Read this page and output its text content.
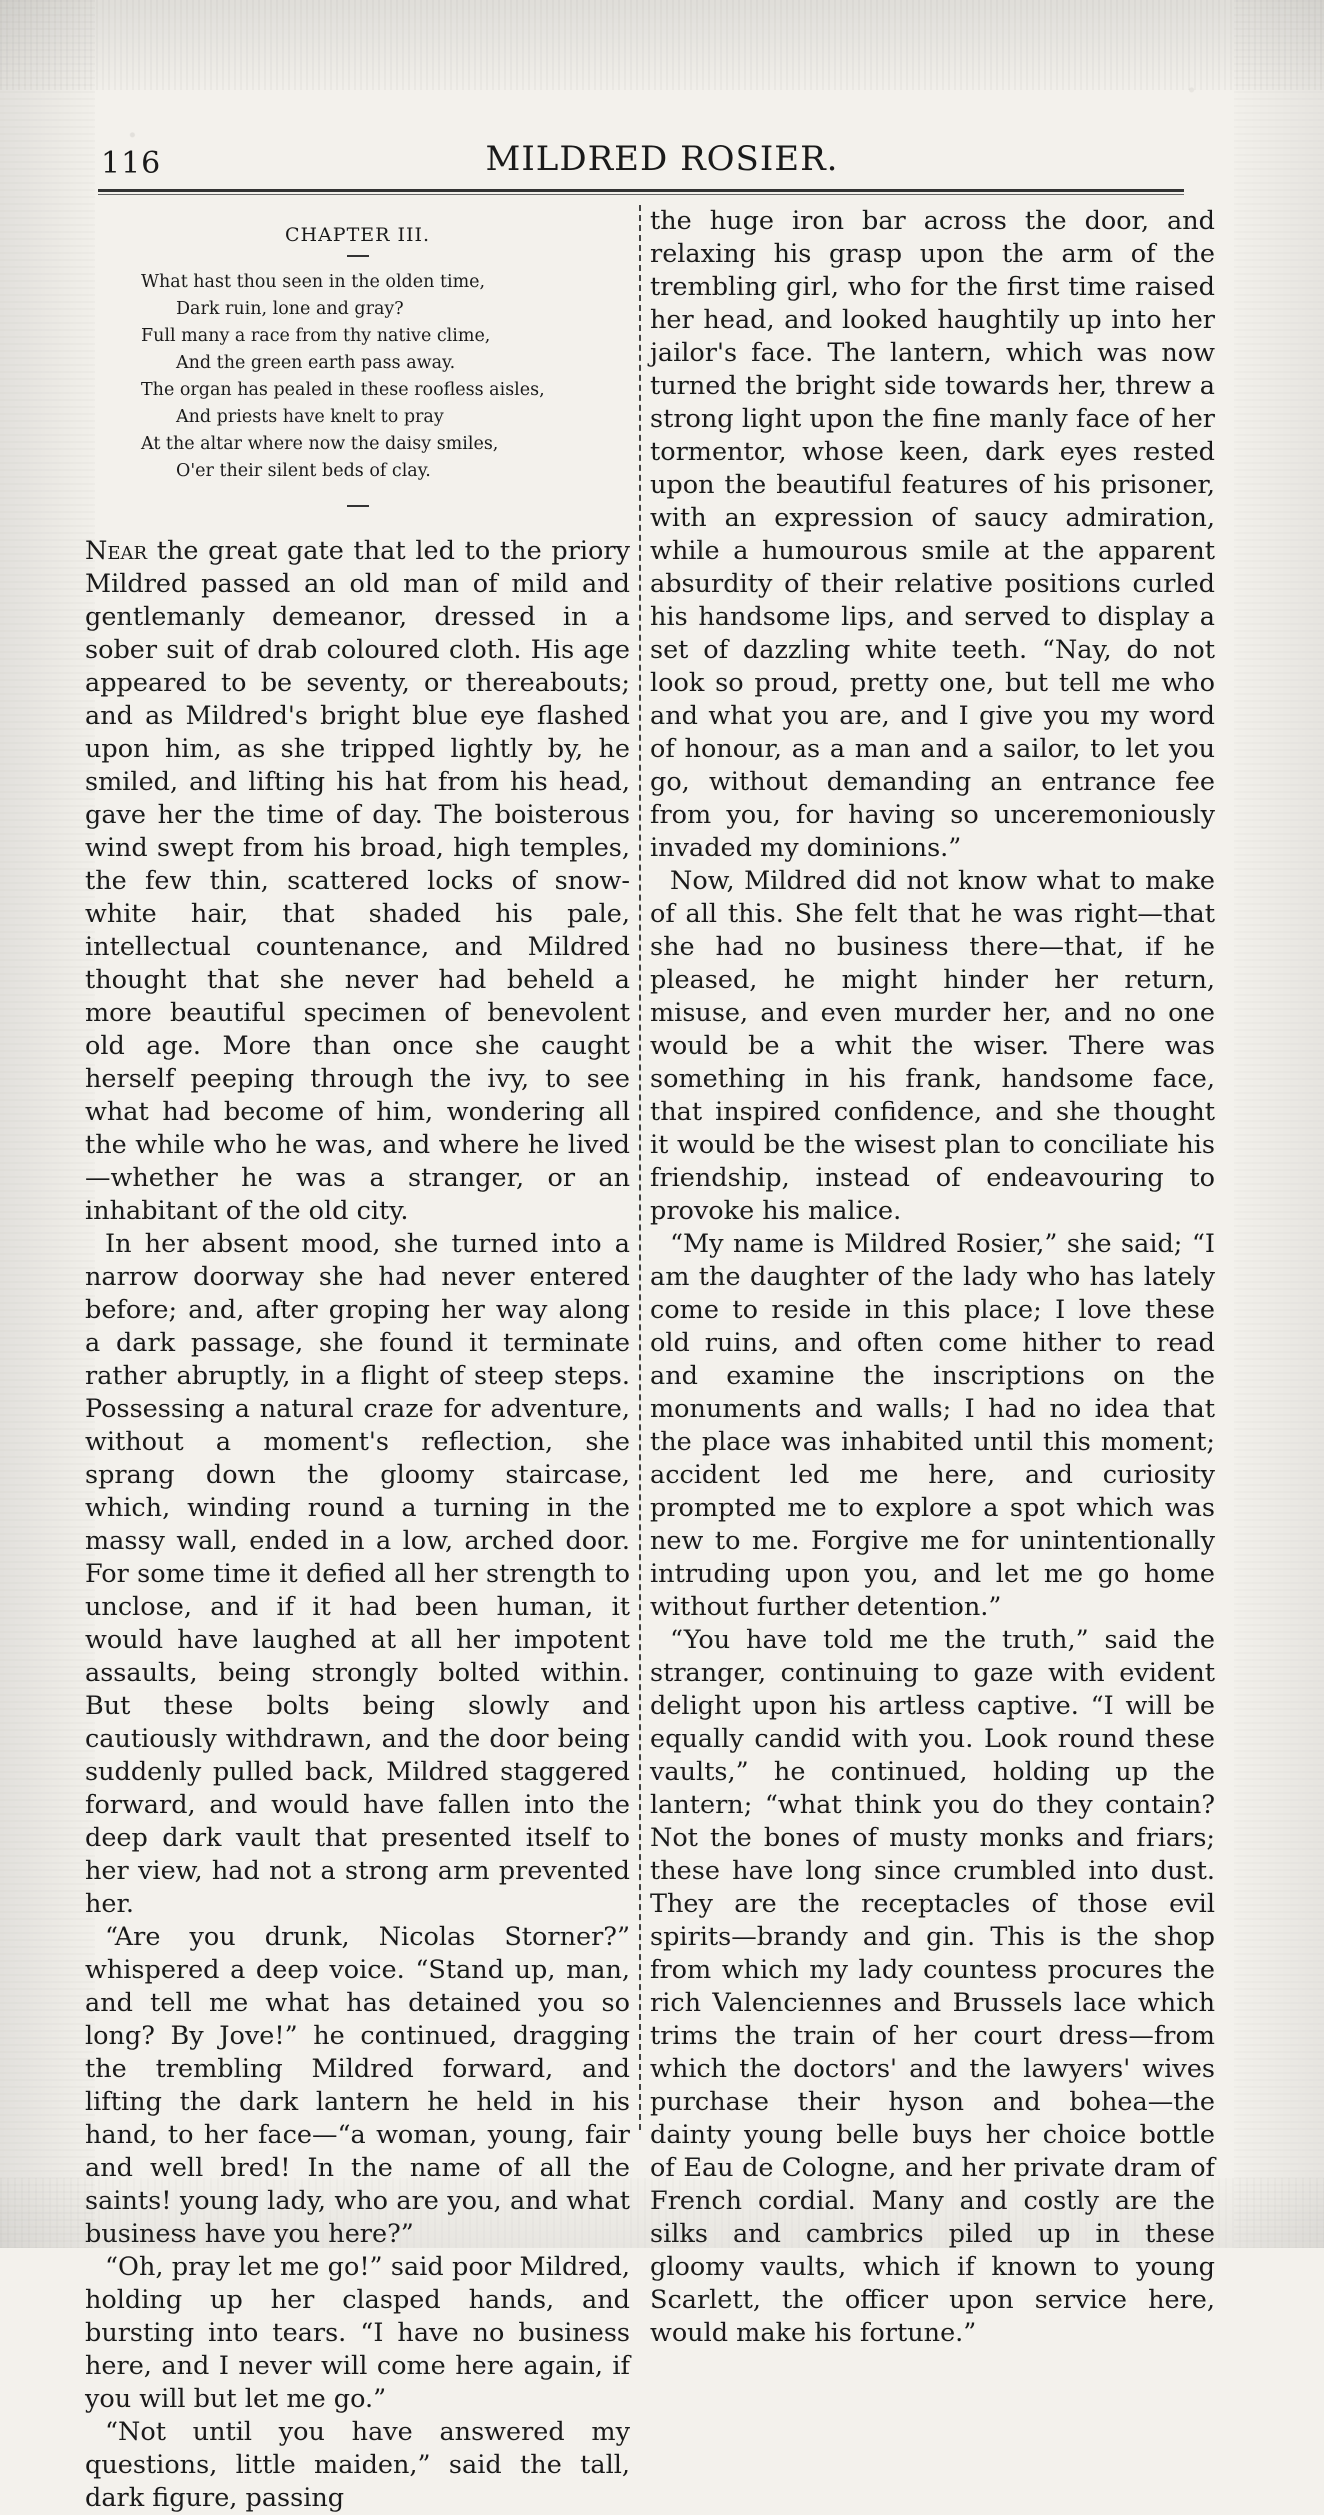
116	MILDRED ROSIER.
CHAPTER III.
What hast thou seen in the olden time,
Dark ruin, lone and gray?
Full many a race from thy native clime,
And the green earth pass away.
The organ has pealed in these roofless aisles,
And priests have knelt to pray
At the altar where now the daisy smiles,
O'er their silent beds of clay.

Near the great gate that led to the priory Mildred passed an old man of mild and gentlemanly demeanor, dressed in a sober suit of drab coloured cloth. His age appeared to be seventy, or thereabouts; and as Mildred's bright blue eye flashed upon him, as she tripped lightly by, he smiled, and lifting his hat from his head, gave her the time of day. The boisterous wind swept from his broad, high temples, the few thin, scattered locks of snow-white hair, that shaded his pale, intellectual countenance, and Mildred thought that she never had beheld a more beautiful specimen of benevolent old age. More than once she caught herself peeping through the ivy, to see what had become of him, wondering all the while who he was, and where he lived—whether he was a stranger, or an inhabitant of the old city.

In her absent mood, she turned into a narrow doorway she had never entered before; and, after groping her way along a dark passage, she found it terminate rather abruptly, in a flight of steep steps. Possessing a natural craze for adventure, without a moment's reflection, she sprang down the gloomy staircase, which, winding round a turning in the massy wall, ended in a low, arched door. For some time it defied all her strength to unclose, and if it had been human, it would have laughed at all her impotent assaults, being strongly bolted within. But these bolts being slowly and cautiously withdrawn, and the door being suddenly pulled back, Mildred staggered forward, and would have fallen into the deep dark vault that presented itself to her view, had not a strong arm prevented her.

“Are you drunk, Nicolas Storner?” whispered a deep voice. “Stand up, man, and tell me what has detained you so long? By Jove!” he continued, dragging the trembling Mildred forward, and lifting the dark lantern he held in his hand, to her face—“a woman, young, fair and well bred! In the name of all the saints! young lady, who are you, and what business have you here?”

“Oh, pray let me go!” said poor Mildred, holding up her clasped hands, and bursting into tears. “I have no business here, and I never will come here again, if you will but let me go.”

“Not until you have answered my questions, little maiden,” said the tall, dark figure, passing

the huge iron bar across the door, and relaxing his grasp upon the arm of the trembling girl, who for the first time raised her head, and looked haughtily up into her jailor's face. The lantern, which was now turned the bright side towards her, threw a strong light upon the fine manly face of her tormentor, whose keen, dark eyes rested upon the beautiful features of his prisoner, with an expression of saucy admiration, while a humourous smile at the apparent absurdity of their relative positions curled his handsome lips, and served to display a set of dazzling white teeth. “Nay, do not look so proud, pretty one, but tell me who and what you are, and I give you my word of honour, as a man and a sailor, to let you go, without demanding an entrance fee from you, for having so unceremoniously invaded my dominions.”

Now, Mildred did not know what to make of all this. She felt that he was right—that she had no business there—that, if he pleased, he might hinder her return, misuse, and even murder her, and no one would be a whit the wiser. There was something in his frank, handsome face, that inspired confidence, and she thought it would be the wisest plan to conciliate his friendship, instead of endeavouring to provoke his malice.

“My name is Mildred Rosier,” she said; “I am the daughter of the lady who has lately come to reside in this place; I love these old ruins, and often come hither to read and examine the inscriptions on the monuments and walls; I had no idea that the place was inhabited until this moment; accident led me here, and curiosity prompted me to explore a spot which was new to me. Forgive me for unintentionally intruding upon you, and let me go home without further detention.”

“You have told me the truth,” said the stranger, continuing to gaze with evident delight upon his artless captive. “I will be equally candid with you. Look round these vaults,” he continued, holding up the lantern; “what think you do they contain? Not the bones of musty monks and friars; these have long since crumbled into dust. They are the receptacles of those evil spirits—brandy and gin. This is the shop from which my lady countess procures the rich Valenciennes and Brussels lace which trims the train of her court dress—from which the doctors' and the lawyers' wives purchase their hyson and bohea—the dainty young belle buys her choice bottle of Eau de Cologne, and her private dram of French cordial. Many and costly are the silks and cambrics piled up in these gloomy vaults, which if known to young Scarlett, the officer upon service here, would make his fortune.”
